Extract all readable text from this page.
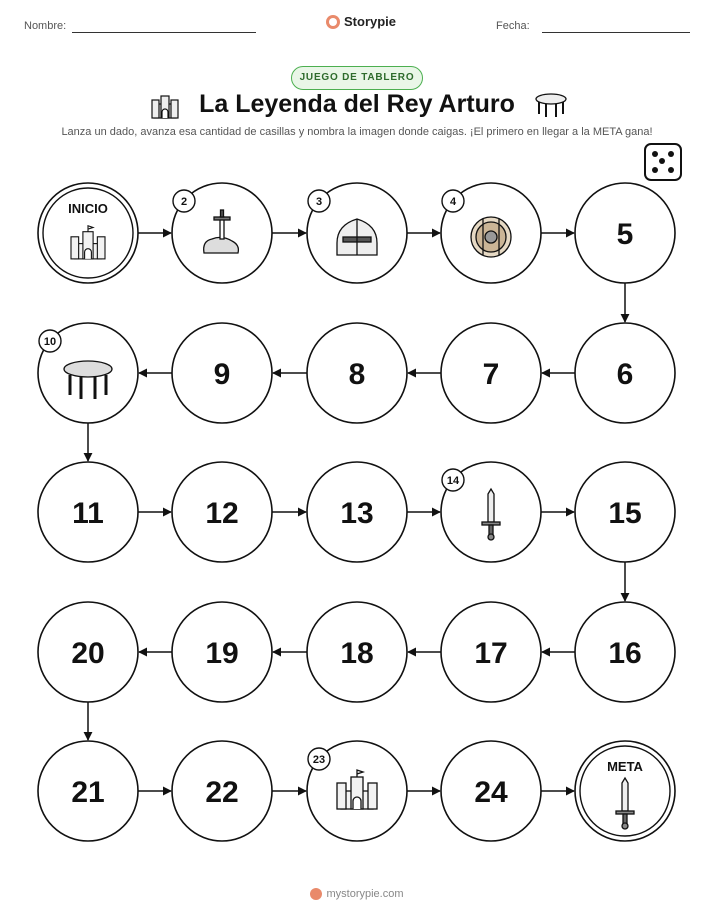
Nombre:	Storypie	Fecha:
JUEGO DE TABLERO
La Leyenda del Rey Arturo
Lanza un dado, avanza esa cantidad de casillas y nombra la imagen donde caigas. ¡El primero en llegar a la META gana!
INICIO	2	3	4
5
6
7
8
9
10
11	12	13
14
15
16
17
18
19
20
21	22
23
24
META
mystorypie.com
